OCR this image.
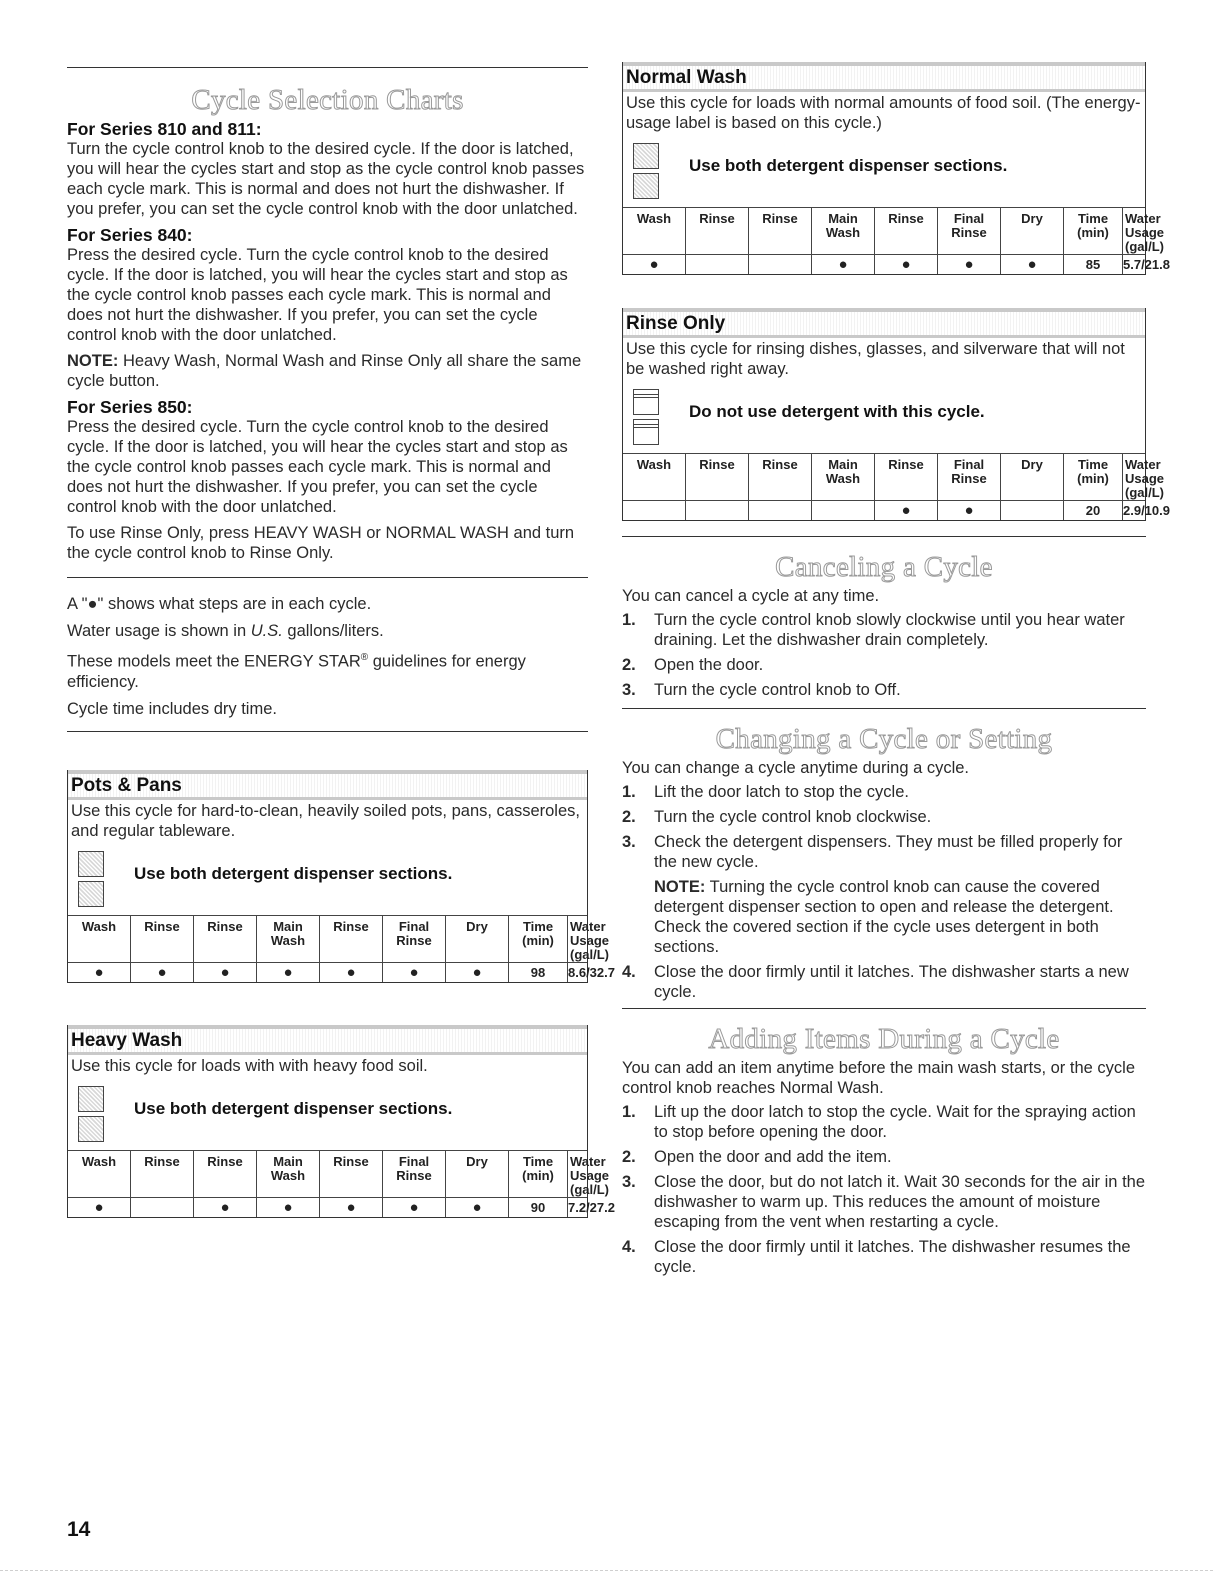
Cycle Selection Charts

For Series 810 and 811:

Turn the cycle control knob to the desired cycle. If the door is latched, you will hear the cycles start and stop as the cycle control knob passes each cycle mark. This is normal and does not hurt the dishwasher. If you prefer, you can set the cycle control knob with the door unlatched.

For Series 840:

Press the desired cycle. Turn the cycle control knob to the desired cycle. If the door is latched, you will hear the cycles start and stop as the cycle control knob passes each cycle mark. This is normal and does not hurt the dishwasher. If you prefer, you can set the cycle control knob with the door unlatched.

NOTE: Heavy Wash, Normal Wash and Rinse Only all share the same cycle button.

For Series 850:

Press the desired cycle. Turn the cycle control knob to the desired cycle. If the door is latched, you will hear the cycles start and stop as the cycle control knob passes each cycle mark. This is normal and does not hurt the dishwasher. If you prefer, you can set the cycle control knob with the door unlatched.

To use Rinse Only, press HEAVY WASH or NORMAL WASH and turn the cycle control knob to Rinse Only.

A "●" shows what steps are in each cycle.

Water usage is shown in U.S. gallons/liters.

These models meet the ENERGY STAR® guidelines for energy efficiency.

Cycle time includes dry time.

Pots & Pans
Use this cycle for hard-to-clean, heavily soiled pots, pans, casseroles, and regular tableware.
Use both detergent dispenser sections.
Wash	Rinse	Rinse	Main Wash	Rinse	Final Rinse	Dry	Time (min)	Water Usage (gal/L)
●	●	●	●	●	●	●	98	8.6/32.7
Heavy Wash
Use this cycle for loads with with heavy food soil.
Use both detergent dispenser sections.
Wash	Rinse	Rinse	Main Wash	Rinse	Final Rinse	Dry	Time (min)	Water Usage (gal/L)
●		●	●	●	●	●	90	7.2/27.2
Normal Wash
Use this cycle for loads with normal amounts of food soil. (The energy-usage label is based on this cycle.)
Use both detergent dispenser sections.
Wash	Rinse	Rinse	Main Wash	Rinse	Final Rinse	Dry	Time (min)	Water Usage (gal/L)
●			●	●	●	●	85	5.7/21.8
Rinse Only
Use this cycle for rinsing dishes, glasses, and silverware that will not be washed right away.
Do not use detergent with this cycle.
Wash	Rinse	Rinse	Main Wash	Rinse	Final Rinse	Dry	Time (min)	Water Usage (gal/L)
				●	●		20	2.9/10.9
Canceling a Cycle

You can cancel a cycle at any time.

1.	Turn the cycle control knob slowly clockwise until you hear water draining. Let the dishwasher drain completely.
2.	Open the door.
3.	Turn the cycle control knob to Off.
Changing a Cycle or Setting

You can change a cycle anytime during a cycle.

1.	Lift the door latch to stop the cycle.
2.	Turn the cycle control knob clockwise.
3.	Check the detergent dispensers. They must be filled properly for the new cycle.
NOTE: Turning the cycle control knob can cause the covered detergent dispenser section to open and release the detergent. Check the covered section if the cycle uses detergent in both sections.
4.	Close the door firmly until it latches. The dishwasher starts a new cycle.
Adding Items During a Cycle

You can add an item anytime before the main wash starts, or the cycle control knob reaches Normal Wash.

1.	Lift up the door latch to stop the cycle. Wait for the spraying action to stop before opening the door.
2.	Open the door and add the item.
3.	Close the door, but do not latch it. Wait 30 seconds for the air in the dishwasher to warm up. This reduces the amount of moisture escaping from the vent when restarting a cycle.
4.	Close the door firmly until it latches. The dishwasher resumes the cycle.
14
